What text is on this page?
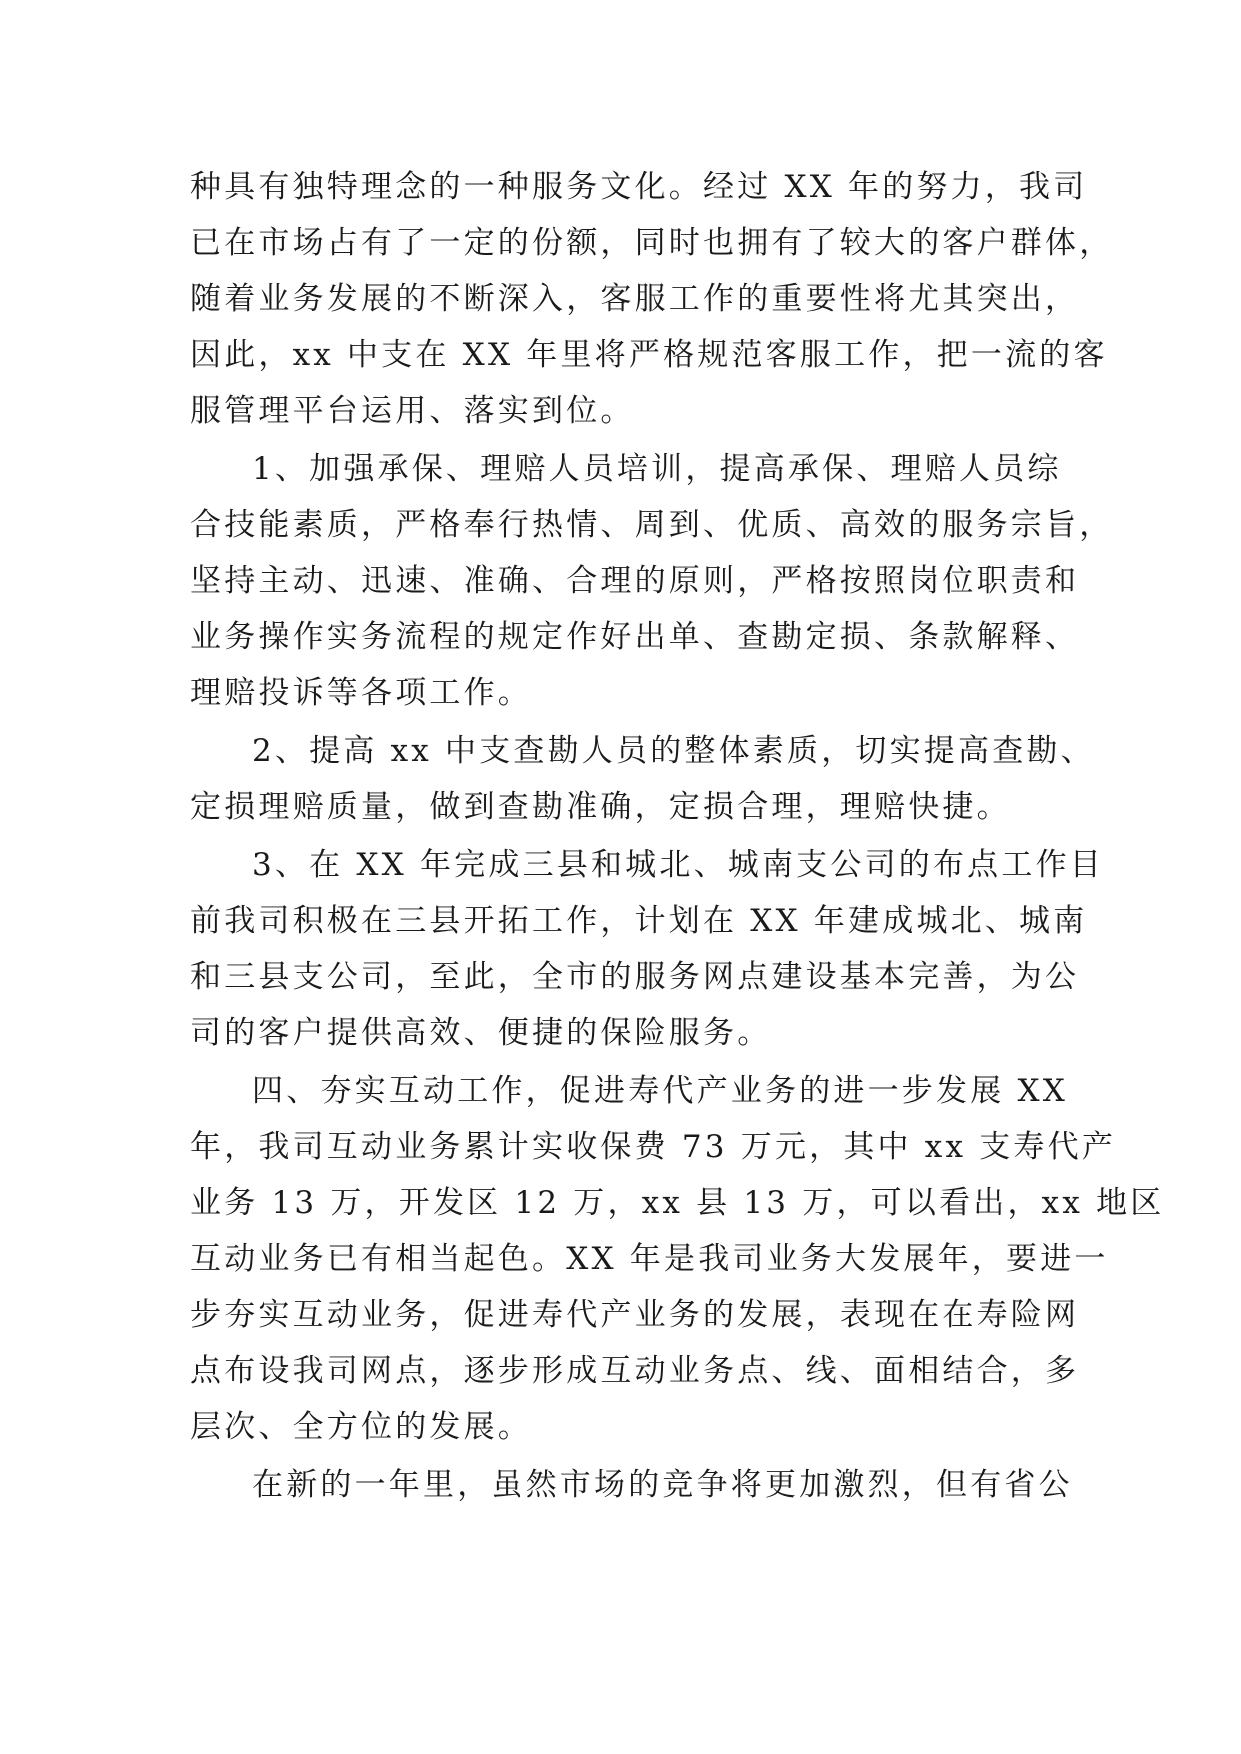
种具有独特理念的一种服务文化。经过 XX 年的努力，我司
已在市场占有了一定的份额，同时也拥有了较大的客户群体，
随着业务发展的不断深入，客服工作的重要性将尤其突出，
因此，xx 中支在 XX 年里将严格规范客服工作，把一流的客
服管理平台运用、落实到位。
1、加强承保、理赔人员培训，提高承保、理赔人员综
合技能素质，严格奉行热情、周到、优质、高效的服务宗旨，
坚持主动、迅速、准确、合理的原则，严格按照岗位职责和
业务操作实务流程的规定作好出单、查勘定损、条款解释、
理赔投诉等各项工作。
2、提高 xx 中支查勘人员的整体素质，切实提高查勘、
定损理赔质量，做到查勘准确，定损合理，理赔快捷。
3、在 XX 年完成三县和城北、城南支公司的布点工作目
前我司积极在三县开拓工作，计划在 XX 年建成城北、城南
和三县支公司，至此，全市的服务网点建设基本完善，为公
司的客户提供高效、便捷的保险服务。
四、夯实互动工作，促进寿代产业务的进一步发展 XX
年，我司互动业务累计实收保费 73 万元，其中 xx 支寿代产
业务 13 万，开发区 12 万，xx 县 13 万，可以看出，xx 地区
互动业务已有相当起色。XX 年是我司业务大发展年，要进一
步夯实互动业务，促进寿代产业务的发展，表现在在寿险网
点布设我司网点，逐步形成互动业务点、线、面相结合，多
层次、全方位的发展。
在新的一年里，虽然市场的竞争将更加激烈，但有省公
